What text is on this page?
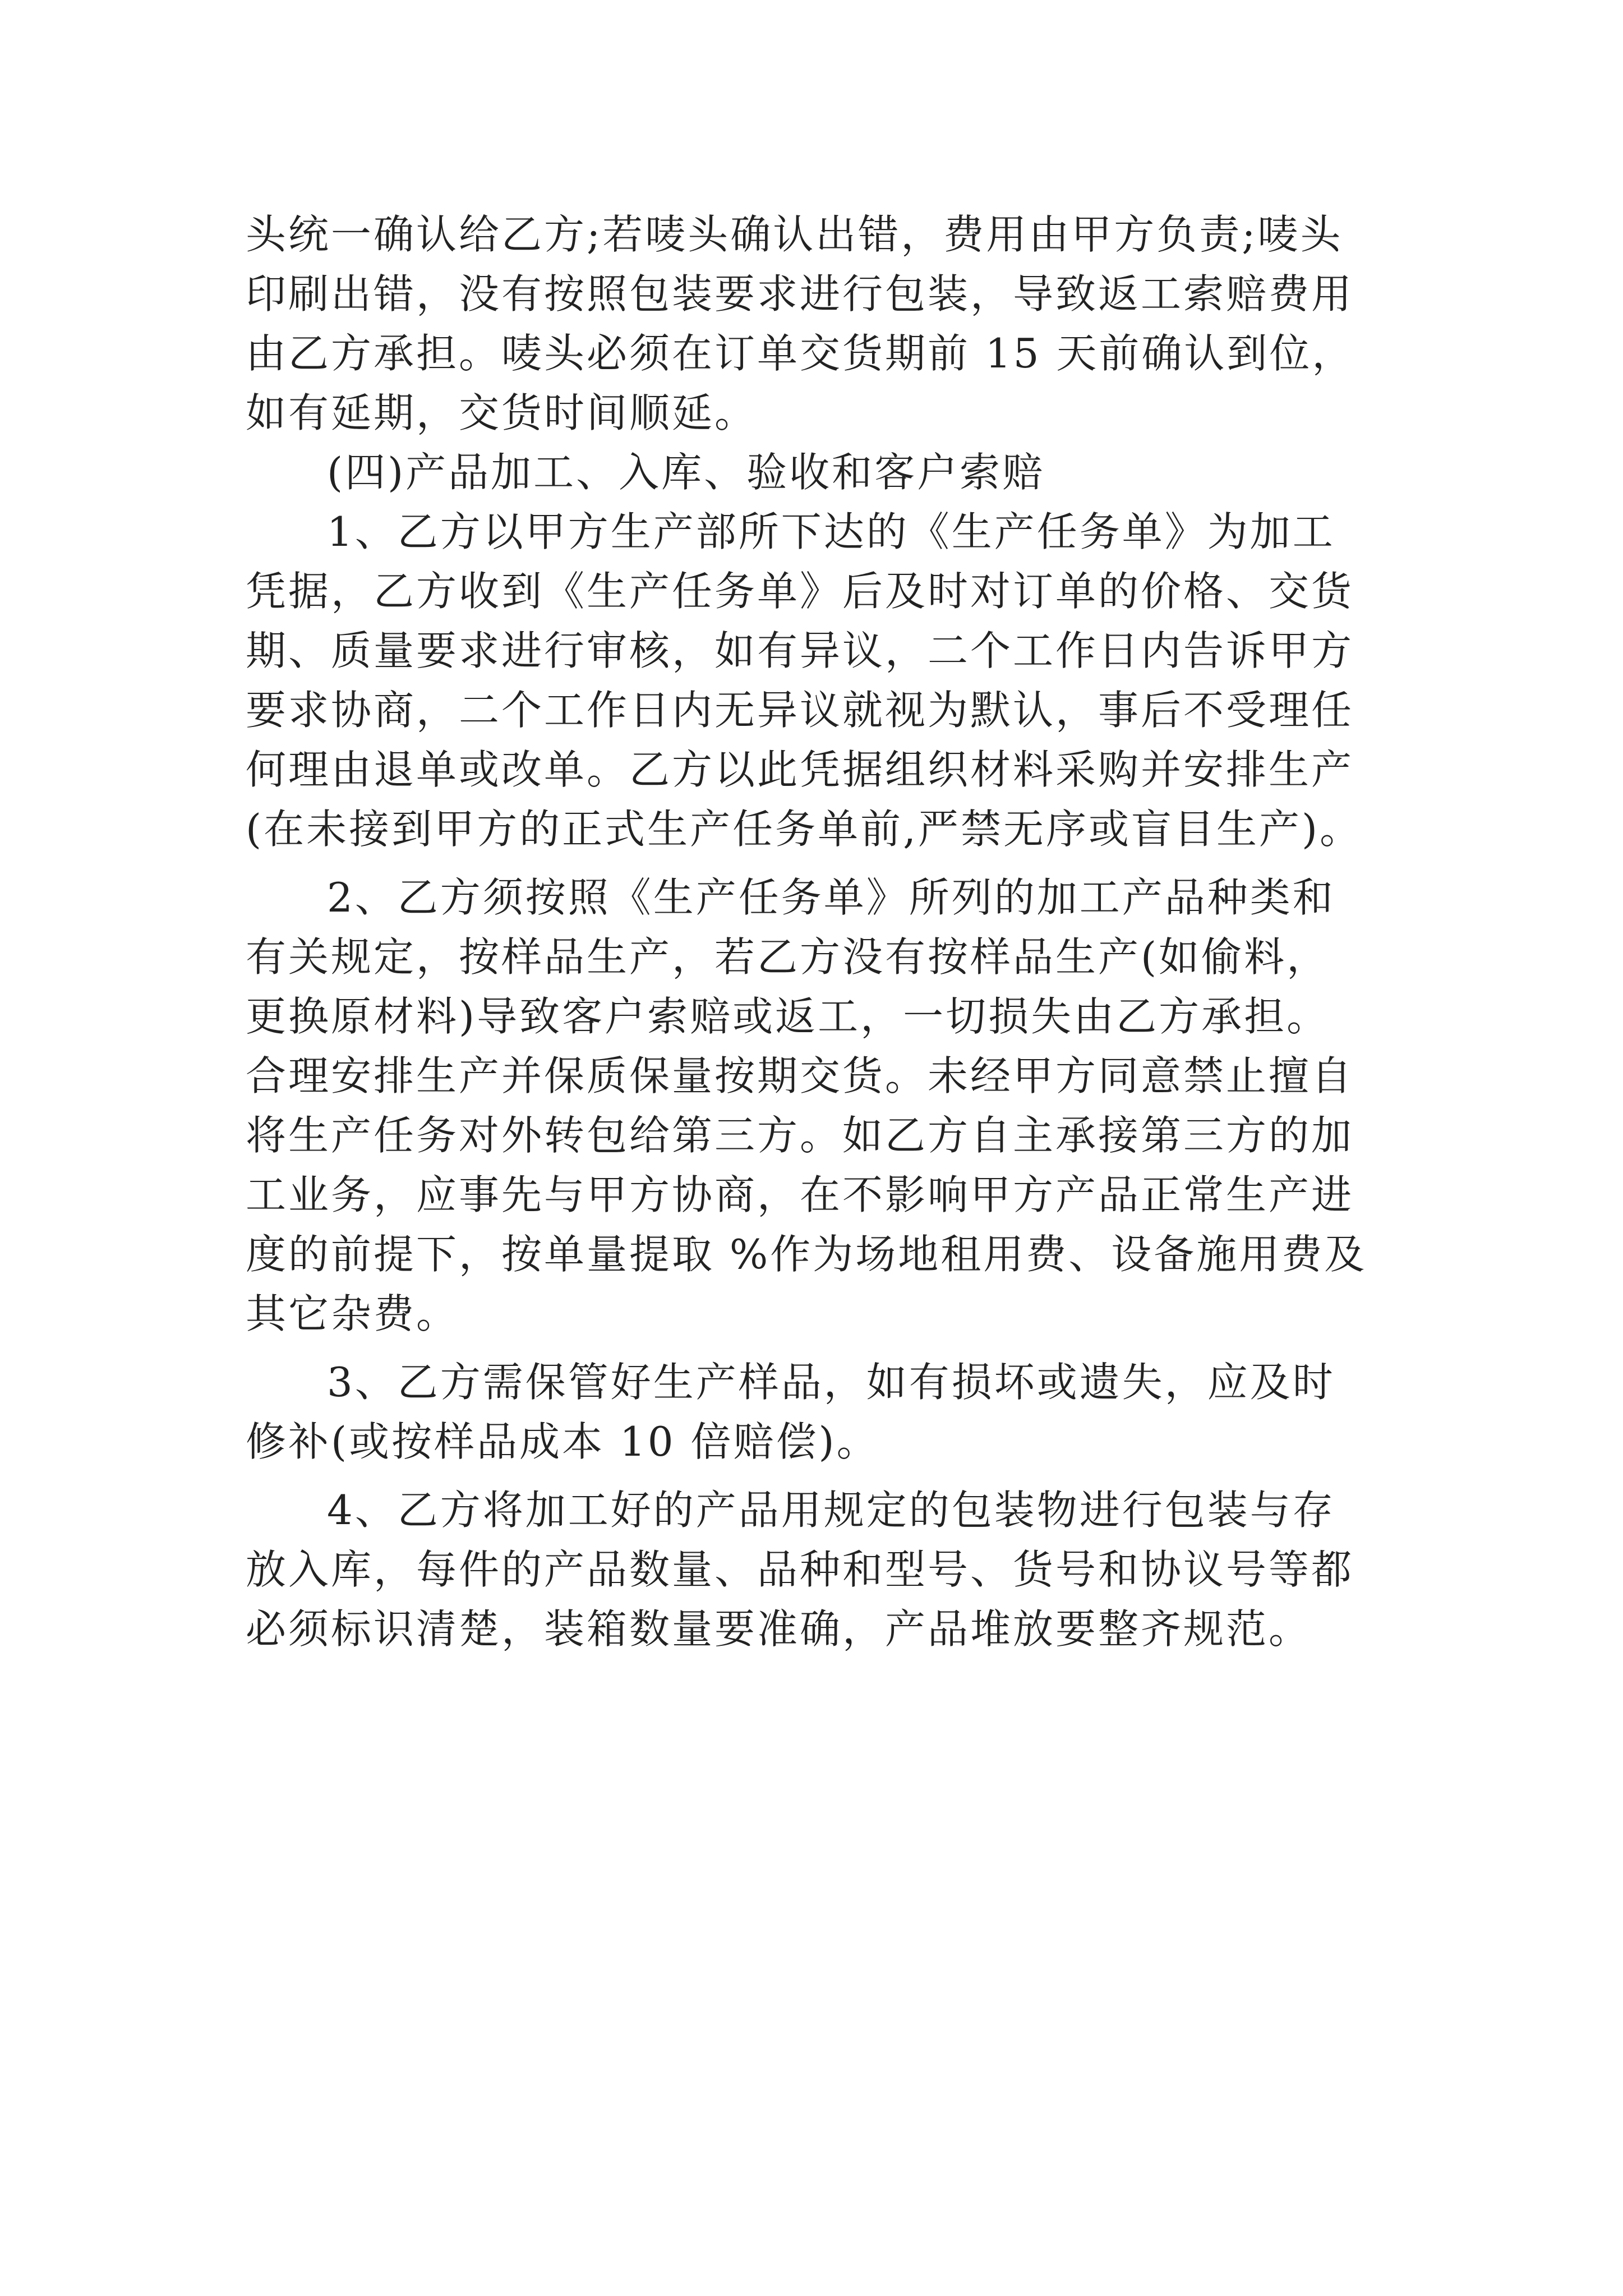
头统一确认给乙方;若唛头确认出错，费用由甲方负责;唛头
印刷出错，没有按照包装要求进行包装，导致返工索赔费用
由乙方承担。唛头必须在订单交货期前 15 天前确认到位，
如有延期，交货时间顺延。
(四)产品加工、入库、验收和客户索赔
1、乙方以甲方生产部所下达的《生产任务单》为加工
凭据，乙方收到《生产任务单》后及时对订单的价格、交货
期、质量要求进行审核，如有异议，二个工作日内告诉甲方
要求协商，二个工作日内无异议就视为默认，事后不受理任
何理由退单或改单。乙方以此凭据组织材料采购并安排生产
(在未接到甲方的正式生产任务单前,严禁无序或盲目生产)。
2、乙方须按照《生产任务单》所列的加工产品种类和
有关规定，按样品生产，若乙方没有按样品生产(如偷料，
更换原材料)导致客户索赔或返工，一切损失由乙方承担。
合理安排生产并保质保量按期交货。未经甲方同意禁止擅自
将生产任务对外转包给第三方。如乙方自主承接第三方的加
工业务，应事先与甲方协商，在不影响甲方产品正常生产进
度的前提下，按单量提取 %作为场地租用费、设备施用费及
其它杂费。
3、乙方需保管好生产样品，如有损坏或遗失，应及时
修补(或按样品成本 10 倍赔偿)。
4、乙方将加工好的产品用规定的包装物进行包装与存
放入库，每件的产品数量、品种和型号、货号和协议号等都
必须标识清楚，装箱数量要准确，产品堆放要整齐规范。
